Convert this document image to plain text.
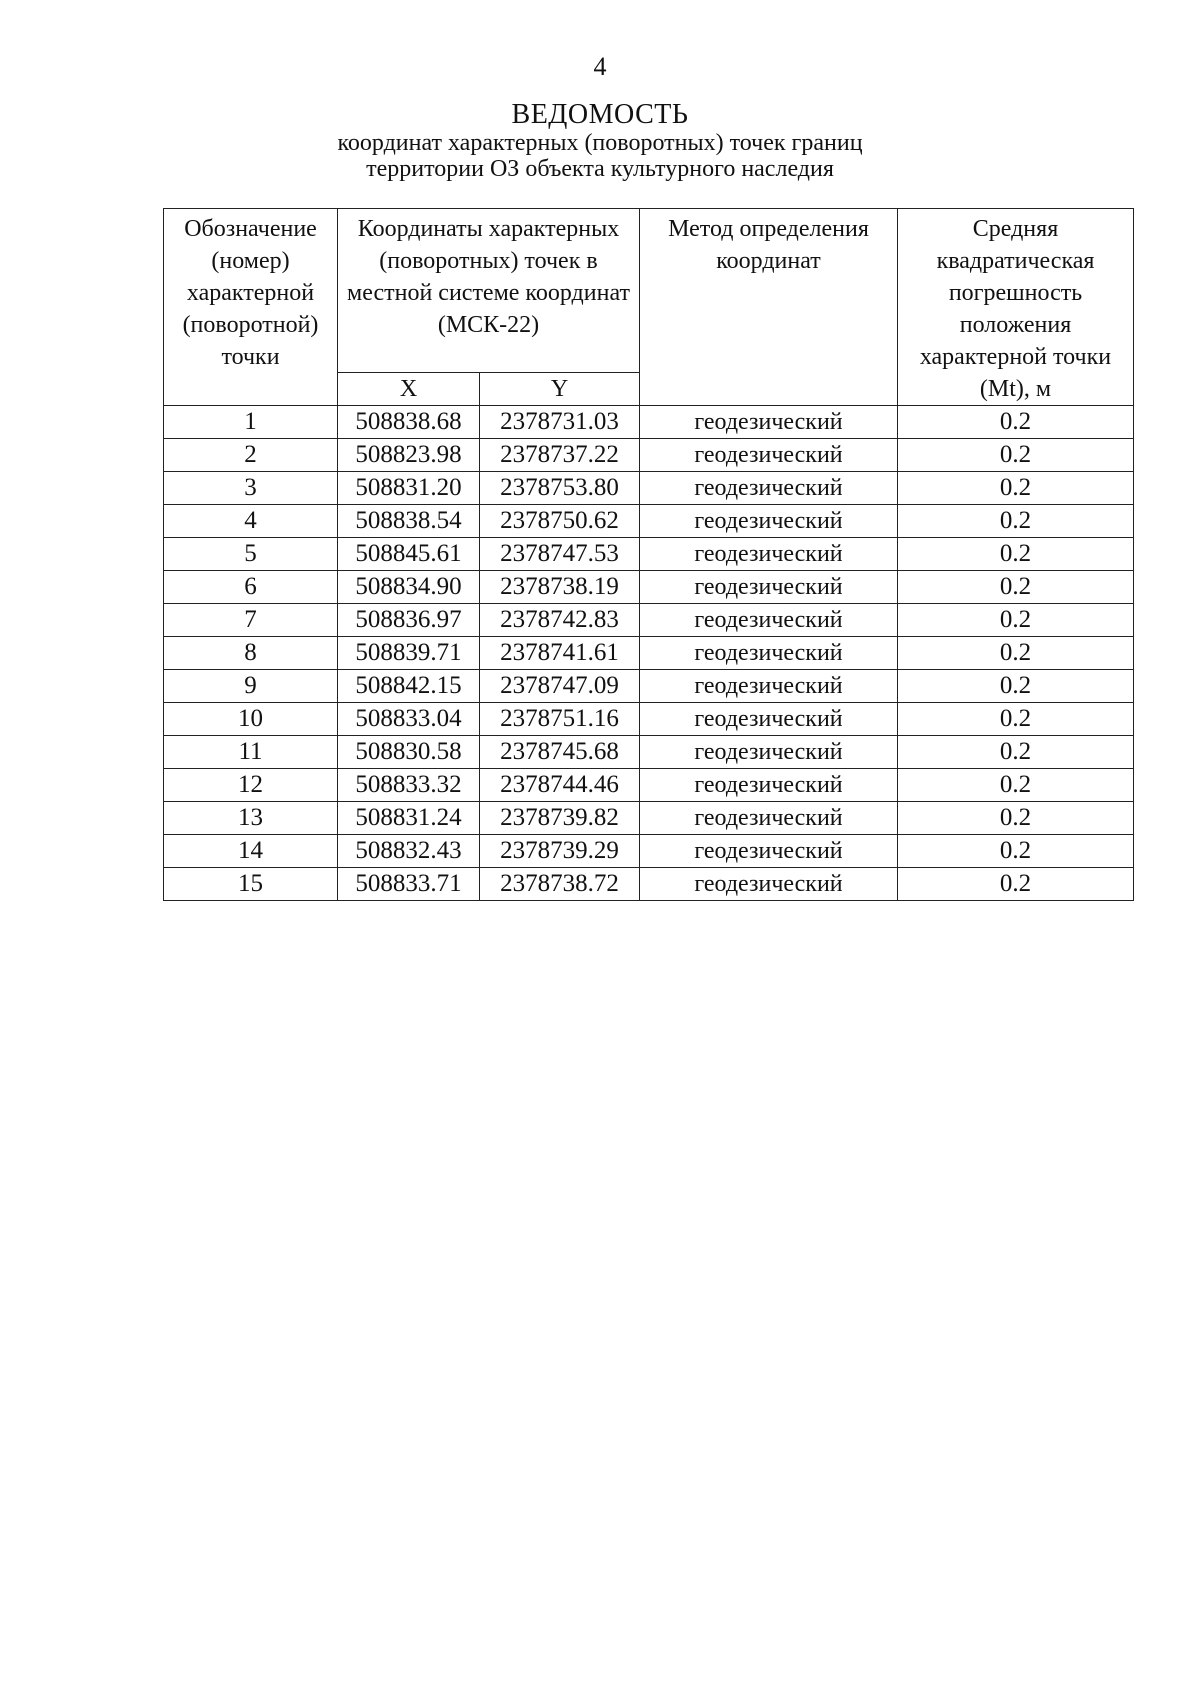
4
ВЕДОМОСТЬ
координат характерных (поворотных) точек границ
территории ОЗ объекта культурного наследия
Обозначение (номер) характерной (поворотной) точки	Координаты характерных (поворотных) точек в местной системе координат (МСК-22)		Метод определения координат	Средняя квадратическая погрешность положения характерной точки (Mt), м
	X	Y		
1	508838.68	2378731.03	геодезический	0.2
2	508823.98	2378737.22	геодезический	0.2
3	508831.20	2378753.80	геодезический	0.2
4	508838.54	2378750.62	геодезический	0.2
5	508845.61	2378747.53	геодезический	0.2
6	508834.90	2378738.19	геодезический	0.2
7	508836.97	2378742.83	геодезический	0.2
8	508839.71	2378741.61	геодезический	0.2
9	508842.15	2378747.09	геодезический	0.2
10	508833.04	2378751.16	геодезический	0.2
11	508830.58	2378745.68	геодезический	0.2
12	508833.32	2378744.46	геодезический	0.2
13	508831.24	2378739.82	геодезический	0.2
14	508832.43	2378739.29	геодезический	0.2
15	508833.71	2378738.72	геодезический	0.2
